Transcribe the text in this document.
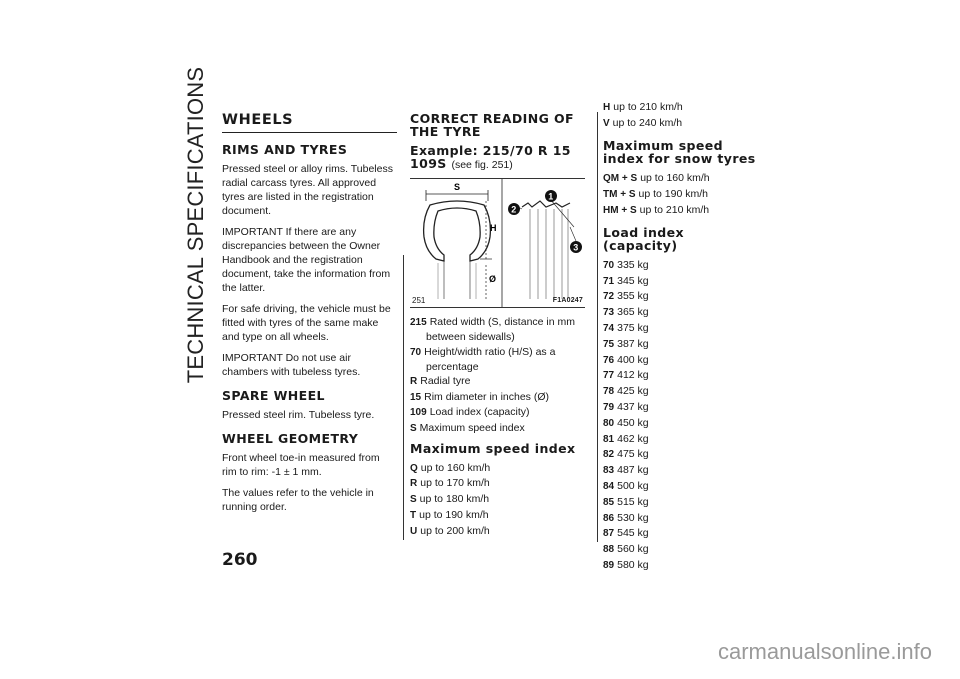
TECHNICAL SPECIFICATIONS WHEELS
RIMS AND TYRES

Pressed steel or alloy rims. Tubeless radial carcass tyres. All approved tyres are listed in the registration document.

IMPORTANT If there are any discrepancies between the Owner Handbook and the registration document, take the information from the latter.

For safe driving, the vehicle must be fitted with tyres of the same make and type on all wheels.

IMPORTANT Do not use air chambers with tubeless tyres.

SPARE WHEEL

Pressed steel rim. Tubeless tyre.

WHEEL GEOMETRY

Front wheel toe-in measured from rim to rim: -1 ± 1 mm.

The values refer to the vehicle in running order.

CORRECT READING OF THE TYRE
Example: 215/70 R 15 109S (see fig. 251)
S
H
Ø
1
2
3
251	F1A0247
215 Rated width (S, distance in mm between sidewalls)
70 Height/width ratio (H/S) as a percentage
R Radial tyre
15 Rim diameter in inches (Ø)
109 Load index (capacity)
S Maximum speed index
Maximum speed index
Q up to 160 km/h
R up to 170 km/h
S up to 180 km/h
T up to 190 km/h
U up to 200 km/h
H up to 210 km/h
V up to 240 km/h
Maximum speed index for snow tyres
QM + S up to 160 km/h
TM + S up to 190 km/h
HM + S up to 210 km/h
Load index (capacity)
70 335 kg
71 345 kg
72 355 kg
73 365 kg
74 375 kg
75 387 kg
76 400 kg
77 412 kg
78 425 kg
79 437 kg
80 450 kg
81 462 kg
82 475 kg
83 487 kg
84 500 kg
85 515 kg
86 530 kg
87 545 kg
88 560 kg
89 580 kg
260
carmanualsonline.info
